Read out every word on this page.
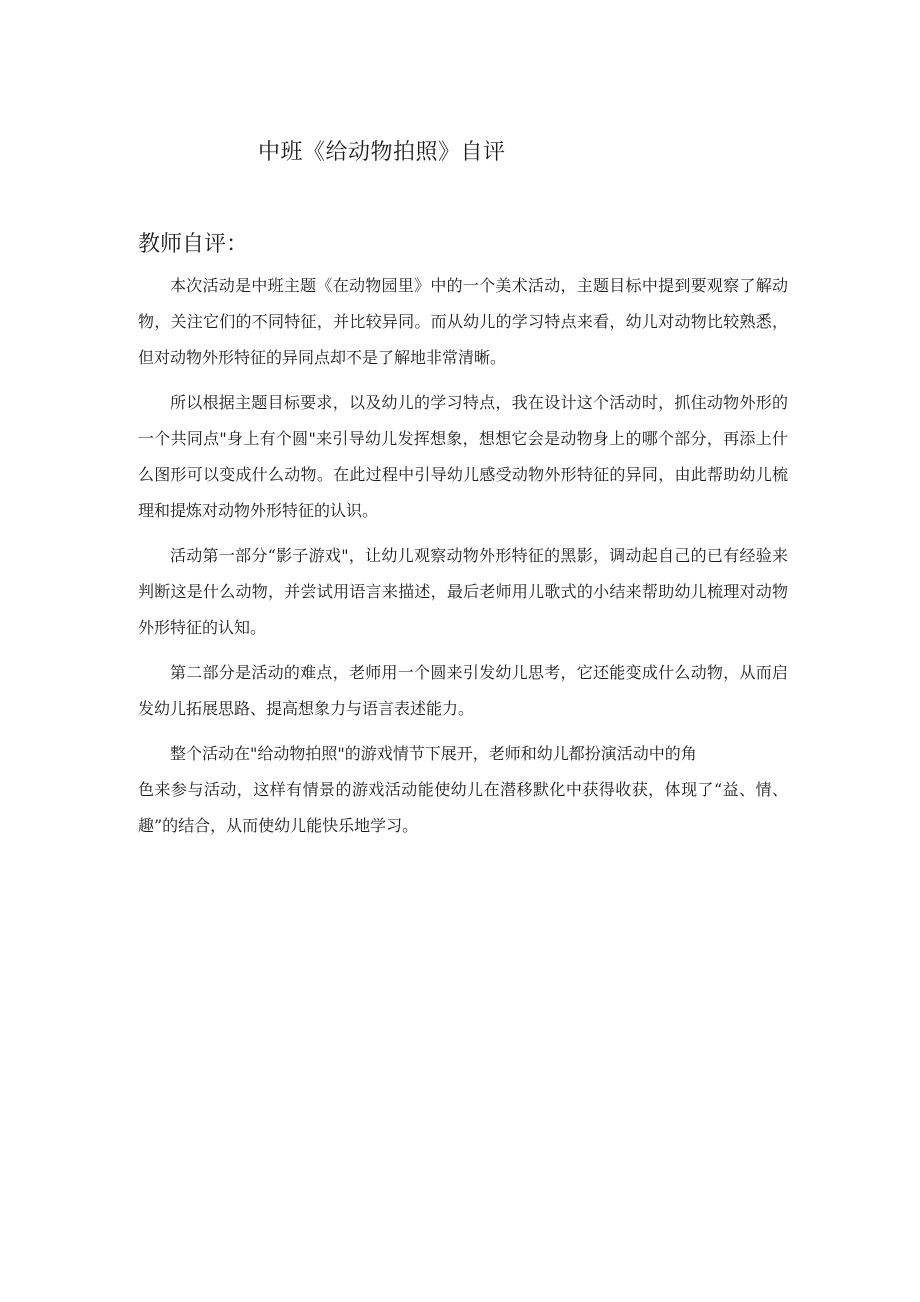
中班《给动物拍照》自评
教师自评：

本次活动是中班主题《在动物园里》中的一个美术活动，主题目标中提到要观察了解动物，关注它们的不同特征，并比较异同。而从幼儿的学习特点来看，幼儿对动物比较熟悉，但对动物外形特征的异同点却不是了解地非常清晰。

所以根据主题目标要求，以及幼儿的学习特点，我在设计这个活动时，抓住动物外形的一个共同点"身上有个圆"来引导幼儿发挥想象，想想它会是动物身上的哪个部分，再添上什么图形可以变成什么动物。在此过程中引导幼儿感受动物外形特征的异同，由此帮助幼儿梳理和提炼对动物外形特征的认识。

活动第一部分“影子游戏"，让幼儿观察动物外形特征的黑影，调动起自己的已有经验来判断这是什么动物，并尝试用语言来描述，最后老师用儿歌式的小结来帮助幼儿梳理对动物外形特征的认知。

第二部分是活动的难点，老师用一个圆来引发幼儿思考，它还能变成什么动物，从而启发幼儿拓展思路、提高想象力与语言表述能力。

整个活动在"给动物拍照"的游戏情节下展开，老师和幼儿都扮演活动中的角

色来参与活动，这样有情景的游戏活动能使幼儿在潜移默化中获得收获，体现了“益、情、趣”的结合，从而使幼儿能快乐地学习。
